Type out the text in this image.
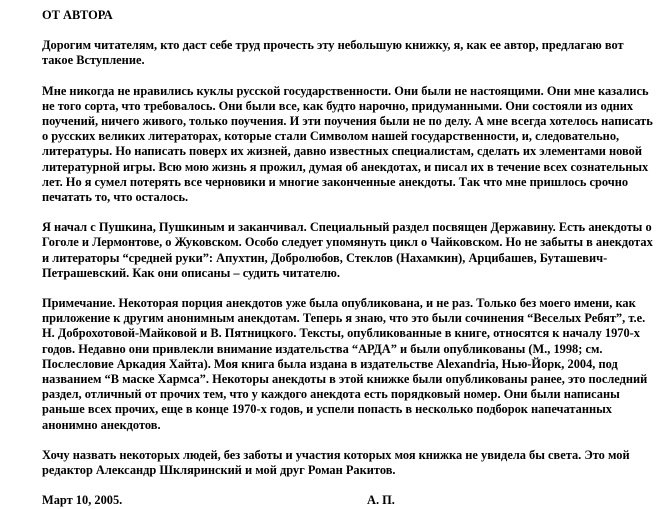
ОТ АВТОРА

Дорогим читателям, кто даст себе труд прочесть эту небольшую книжку, я, как ее автор, предлагаю вот такое Вступление.

Мне никогда не нравились куклы русской государственности. Они были не настоящими. Они мне казались не того сорта, что требовалось. Они были все, как будто нарочно, придуманными. Они состояли из одних поучений, ничего живого, только поучения. И эти поучения были не по делу. А мне всегда хотелось написать о русских великих литераторах, которые стали Символом нашей государственности, и, следовательно, литературы. Но написать поверх их жизней, давно известных специалистам, сделать их элементами новой литературной игры. Всю мою жизнь я прожил, думая об анекдотах, и писал их в течение всех сознательных лет. Но я сумел потерять все черновики и многие законченные анекдоты. Так что мне пришлось срочно печатать то, что осталось.

Я начал с Пушкина, Пушкиным и заканчивал. Специальный раздел посвящен Державину. Есть анекдоты о Гоголе и Лермонтове, о Жуковском. Особо следует упомянуть цикл о Чайковском. Но не забыты в анекдотах и литераторы “средней руки”: Апухтин, Добролюбов, Стеклов (Нахамкин), Арцибашев, Буташевич-Петрашевский. Как они описаны – судить читателю.

Примечание. Некоторая порция анекдотов уже была опубликована, и не раз. Только без моего имени, как приложение к другим анонимным анекдотам. Теперь я знаю, что это были сочинения “Веселых Ребят”, т.е. Н. Доброхотовой-Майковой и В. Пятницкого. Тексты, опубликованные в книге, относятся к началу 1970-х годов. Недавно они привлекли внимание издательства “АРДА” и были опубликованы (М., 1998; см. Послесловие Аркадия Хайта). Моя книга была издана в издательстве Alexandria, Нью-Йорк, 2004, под названием “В маске Хармса”. Некоторы анекдоты в этой книжке были опубликованы ранее, это последний раздел, отличный от прочих тем, что у каждого анекдота есть порядковый номер. Они были написаны раньше всех прочих, еще в конце 1970-х годов, и успели попасть в несколько подборок напечатанных анонимно анекдотов.

Хочу назвать некоторых людей, без заботы и участия которых моя книжка не увидела бы света. Это мой редактор Александр Шкляринский и мой друг Роман Ракитов.

Март 10, 2005.	А. П.
